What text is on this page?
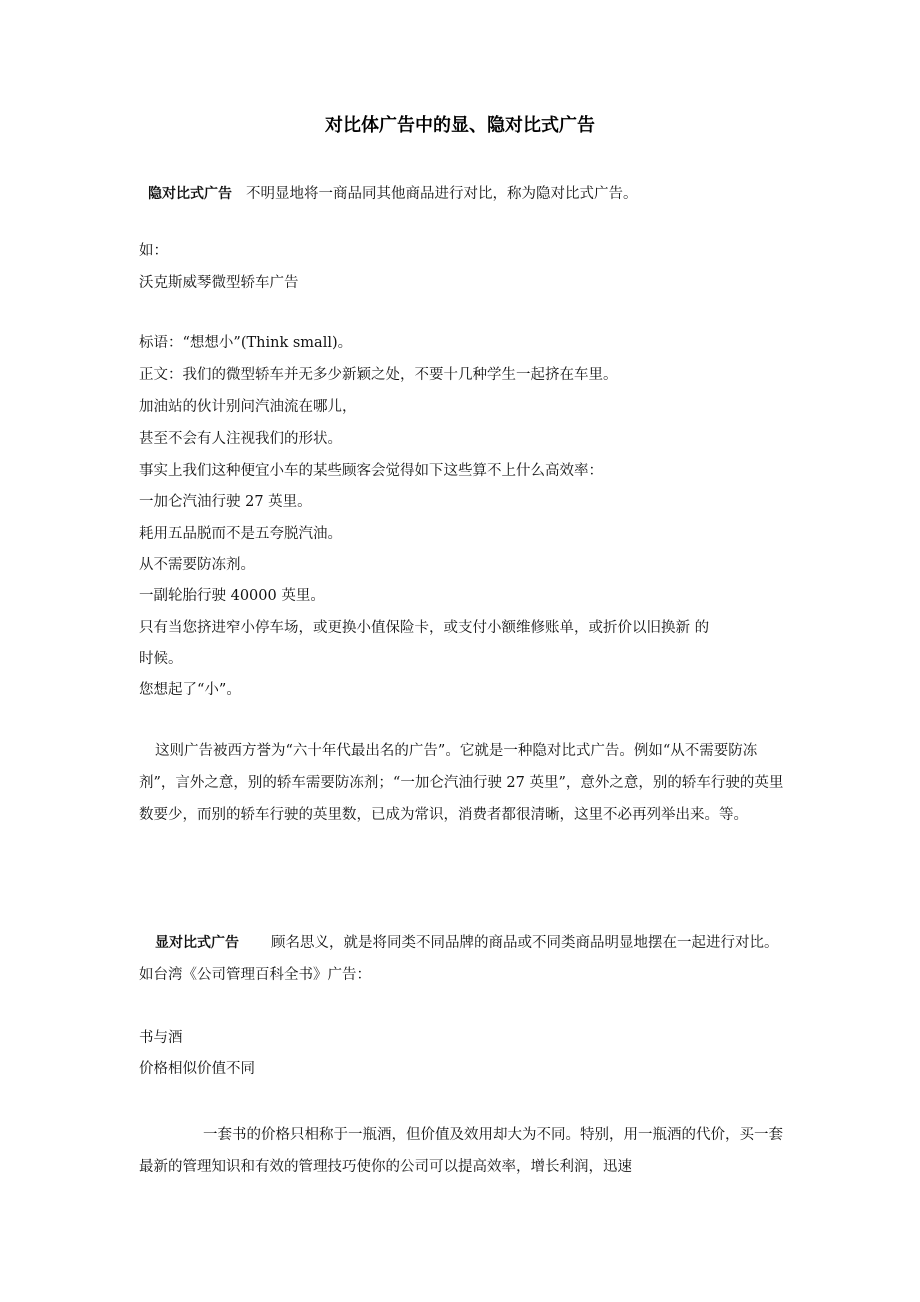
对比体广告中的显、隐对比式广告

隐对比式广告 不明显地将一商品同其他商品进行对比，称为隐对比式广告。

如：

沃克斯威琴微型轿车广告

标语：“想想小”(Think small)。

正文：我们的微型轿车并无多少新颖之处，不要十几种学生一起挤在车里。

加油站的伙计别问汽油流在哪儿，

甚至不会有人注视我们的形状。

事实上我们这种便宜小车的某些顾客会觉得如下这些算不上什么高效率：

一加仑汽油行驶 27 英里。

耗用五品脱而不是五夸脱汽油。

从不需要防冻剂。

一副轮胎行驶 40000 英里。

只有当您挤进窄小停车场，或更换小值保险卡，或支付小额维修账单，或折价以旧换新 的

时候。

您想起了“小”。

这则广告被西方誉为“六十年代最出名的广告”。它就是一种隐对比式广告。例如“从不需要防冻剂”，言外之意，别的轿车需要防冻剂；“一加仑汽油行驶 27 英里”，意外之意，别的轿车行驶的英里数要少，而别的轿车行驶的英里数，已成为常识，消费者都很清晰，这里不必再列举出来。等。

显对比式广告 顾名思义，就是将同类不同品牌的商品或不同类商品明显地摆在一起进行对比。如台湾《公司管理百科全书》广告：

书与酒

价格相似价值不同

一套书的价格只相称于一瓶酒，但价值及效用却大为不同。特别，用一瓶酒的代价，买一套最新的管理知识和有效的管理技巧使你的公司可以提高效率，增长利润，迅速
